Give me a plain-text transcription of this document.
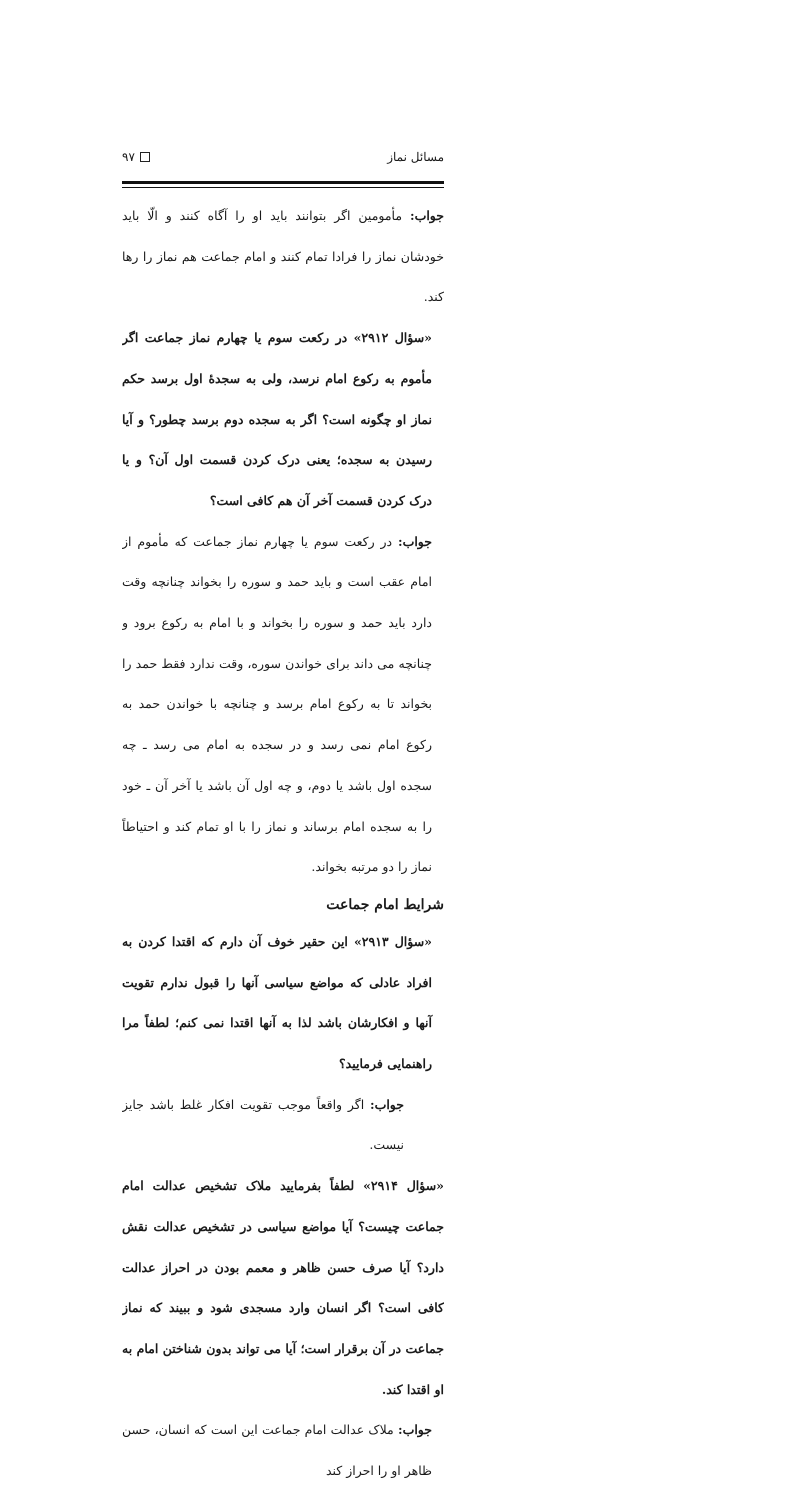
مسائل نماز
۹۷

جواب: مأمومین اگر بتوانند باید او را آگاه کنند و الّا باید خودشان نماز را فرادا تمام کنند و امام جماعت هم نماز را رها کند.

«سؤال ۲۹۱۲» در رکعت سوم یا چهارم نماز جماعت اگر مأموم به رکوع امام نرسد، ولی به سجدهٔ اول برسد حکم نماز او چگونه است؟ اگر به سجده دوم برسد چطور؟ و آیا رسیدن به سجده؛ یعنی درک کردن قسمت اول آن؟ و یا درک کردن قسمت آخر آن هم کافی است؟

جواب: در رکعت سوم یا چهارم نماز جماعت که مأموم از امام عقب است و باید حمد و سوره را بخواند چنانچه وقت دارد باید حمد و سوره را بخواند و با امام به رکوع برود و چنانچه می داند برای خواندن سوره، وقت ندارد فقط حمد را بخواند تا به رکوع امام برسد و چنانچه با خواندن حمد به رکوع امام نمی رسد و در سجده به امام می رسد ـ چه سجده اول باشد یا دوم، و چه اول آن باشد یا آخر آن ـ خود را به سجده امام برساند و نماز را با او تمام کند و احتیاطاً نماز را دو مرتبه بخواند.

شرایط امام جماعت

«سؤال ۲۹۱۳» این حقیر خوف آن دارم که اقتدا کردن به افراد عادلی که مواضع سیاسی آنها را قبول ندارم تقویت آنها و افکارشان باشد لذا به آنها اقتدا نمی کنم؛ لطفاً مرا راهنمایی فرمایید؟

جواب: اگر واقعاً موجب تقویت افکار غلط باشد جایز نیست.

«سؤال ۲۹۱۴» لطفاً بفرمایید ملاک تشخیص عدالت امام جماعت چیست؟ آیا مواضع سیاسی در تشخیص عدالت نقش دارد؟ آیا صرف حسن ظاهر و معمم بودن در احراز عدالت کافی است؟ اگر انسان وارد مسجدی شود و ببیند که نماز جماعت در آن برقرار است؛ آیا می تواند بدون شناختن امام به او اقتدا کند.

جواب: ملاک عدالت امام جماعت این است که انسان، حسن ظاهر او را احراز کند
